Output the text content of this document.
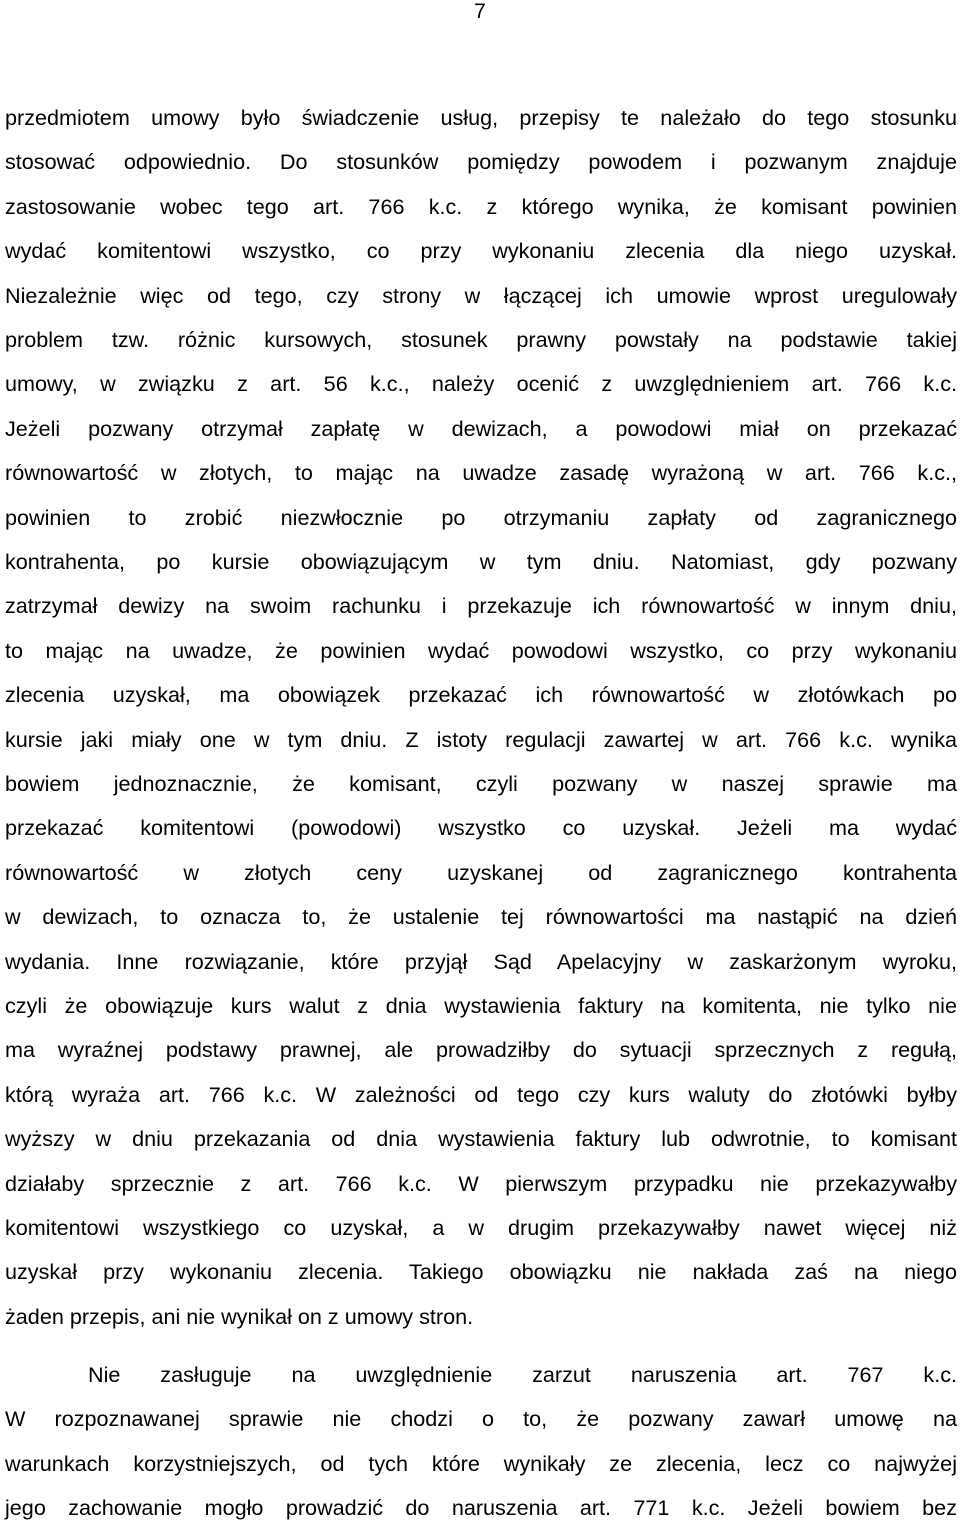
7
przedmiotem umowy było świadczenie usług, przepisy te należało do tego stosunku
stosować odpowiednio. Do stosunków pomiędzy powodem i pozwanym znajduje
zastosowanie wobec tego art. 766 k.c. z którego wynika, że komisant powinien
wydać komitentowi wszystko, co przy wykonaniu zlecenia dla niego uzyskał.
Niezależnie więc od tego, czy strony w łączącej ich umowie wprost uregulowały
problem tzw. różnic kursowych, stosunek prawny powstały na podstawie takiej
umowy, w związku z art. 56 k.c., należy ocenić z uwzględnieniem art. 766 k.c.
Jeżeli pozwany otrzymał zapłatę w dewizach, a powodowi miał on przekazać
równowartość w złotych, to mając na uwadze zasadę wyrażoną w art. 766 k.c.,
powinien to zrobić niezwłocznie po otrzymaniu zapłaty od zagranicznego
kontrahenta, po kursie obowiązującym w tym dniu. Natomiast, gdy pozwany
zatrzymał dewizy na swoim rachunku i przekazuje ich równowartość w innym dniu,
to mając na uwadze, że powinien wydać powodowi wszystko, co przy wykonaniu
zlecenia uzyskał, ma obowiązek przekazać ich równowartość w złotówkach po
kursie jaki miały one w tym dniu. Z istoty regulacji zawartej w art. 766 k.c. wynika
bowiem jednoznacznie, że komisant, czyli pozwany w naszej sprawie ma
przekazać komitentowi (powodowi) wszystko co uzyskał. Jeżeli ma wydać
równowartość w złotych ceny uzyskanej od zagranicznego kontrahenta
w dewizach, to oznacza to, że ustalenie tej równowartości ma nastąpić na dzień
wydania. Inne rozwiązanie, które przyjął Sąd Apelacyjny w zaskarżonym wyroku,
czyli że obowiązuje kurs walut z dnia wystawienia faktury na komitenta, nie tylko nie
ma wyraźnej podstawy prawnej, ale prowadziłby do sytuacji sprzecznych z regułą,
którą wyraża art. 766 k.c. W zależności od tego czy kurs waluty do złotówki byłby
wyższy w dniu przekazania od dnia wystawienia faktury lub odwrotnie, to komisant
działaby sprzecznie z art. 766 k.c. W pierwszym przypadku nie przekazywałby
komitentowi wszystkiego co uzyskał, a w drugim przekazywałby nawet więcej niż
uzyskał przy wykonaniu zlecenia. Takiego obowiązku nie nakłada zaś na niego
żaden przepis, ani nie wynikał on z umowy stron.
Nie zasługuje na uwzględnienie zarzut naruszenia art. 767 k.c.
W rozpoznawanej sprawie nie chodzi o to, że pozwany zawarł umowę na
warunkach korzystniejszych, od tych które wynikały ze zlecenia, lecz co najwyżej
jego zachowanie mogło prowadzić do naruszenia art. 771 k.c. Jeżeli bowiem bez
